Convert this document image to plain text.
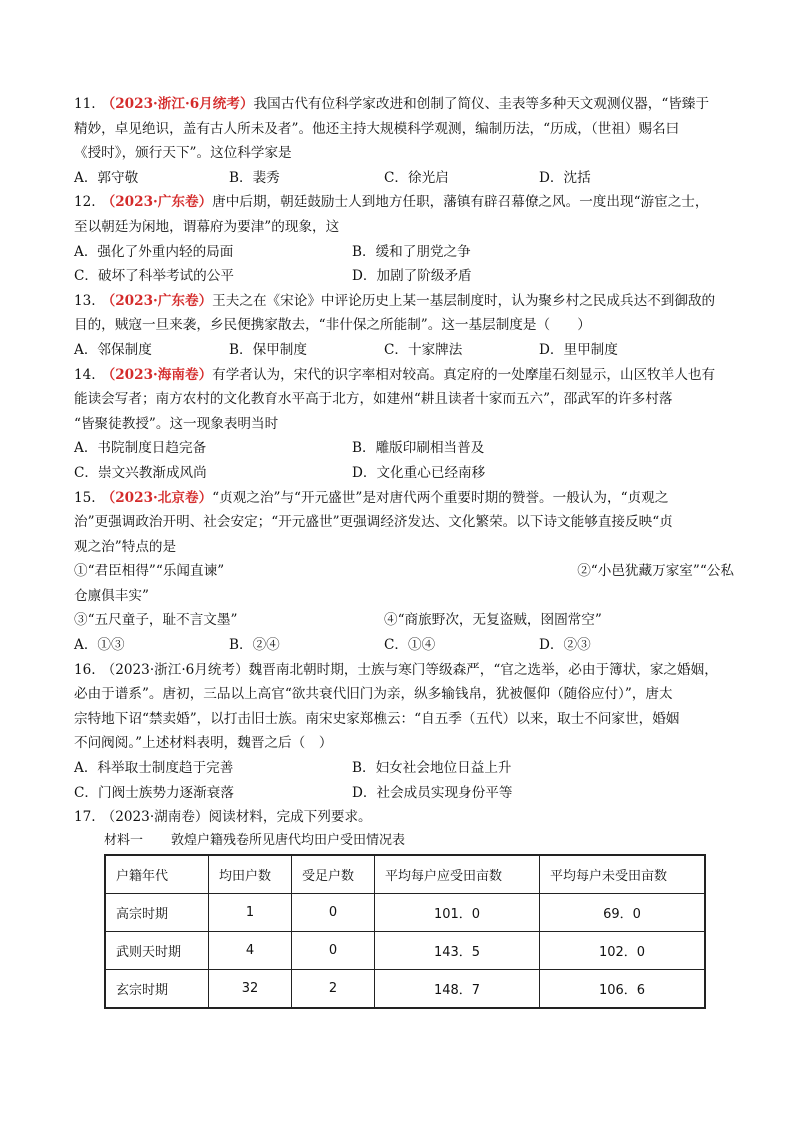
11. （2023·浙江·6月统考）我国古代有位科学家改进和创制了简仪、圭表等多种天文观测仪器，“皆臻于
精妙，卓见绝识，盖有古人所未及者”。他还主持大规模科学观测，编制历法，“历成，（世祖）赐名曰
《授时》，颁行天下”。这位科学家是
A．郭守敬	B．裴秀	C．徐光启	D．沈括
12. （2023·广东卷）唐中后期，朝廷鼓励士人到地方任职，藩镇有辟召幕僚之风。一度出现“游宦之士，
至以朝廷为闲地，谓幕府为要津”的现象，这
A．强化了外重内轻的局面	B．缓和了朋党之争
C．破坏了科举考试的公平	D．加剧了阶级矛盾
13. （2023·广东卷）王夫之在《宋论》中评论历史上某一基层制度时，认为聚乡村之民成兵达不到御敌的
目的，贼寇一旦来袭，乡民便携家散去，“非什保之所能制”。这一基层制度是（　　）
A．邻保制度	B．保甲制度	C．十家牌法	D．里甲制度
14. （2023·海南卷）有学者认为，宋代的识字率相对较高。真定府的一处摩崖石刻显示，山区牧羊人也有
能读会写者；南方农村的文化教育水平高于北方，如建州“耕且读者十家而五六”，邵武军的许多村落
“皆聚徒教授”。这一现象表明当时
A．书院制度日趋完备	B．雕版印刷相当普及
C．崇文兴教渐成风尚	D．文化重心已经南移
15. （2023·北京卷）“贞观之治”与“开元盛世”是对唐代两个重要时期的赞誉。一般认为，“贞观之
治”更强调政治开明、社会安定；“开元盛世”更强调经济发达、文化繁荣。以下诗文能够直接反映“贞
观之治”特点的是
①“君臣相得”“乐闻直谏”	②“小邑犹藏万家室”“公私
仓廪俱丰实”
③“五尺童子，耻不言文墨”	④“商旅野次，无复盗贼，囹圄常空”
A．①③	B．②④	C．①④	D．②③
16. （2023·浙江·6月统考）魏晋南北朝时期，士族与寒门等级森严，“官之选举，必由于簿状，家之婚姻，
必由于谱系”。唐初，三品以上高官“欲共衰代旧门为亲，纵多输钱帛，犹被偃仰（随俗应付）”，唐太
宗特地下诏“禁卖婚”，以打击旧士族。南宋史家郑樵云：“自五季（五代）以来，取士不问家世，婚姻
不问阀阅。”上述材料表明，魏晋之后（　）
A．科举取士制度趋于完善	B．妇女社会地位日益上升
C．门阀士族势力逐渐衰落	D．社会成员实现身份平等
17. （2023·湖南卷）阅读材料，完成下列要求。
材料一 敦煌户籍残卷所见唐代均田户受田情况表
户籍年代	均田户数	受足户数	平均每户应受田亩数	平均每户未受田亩数
高宗时期	1	0	101．0	69．0
武则天时期	4	0	143．5	102．0
玄宗时期	32	2	148．7	106．6
